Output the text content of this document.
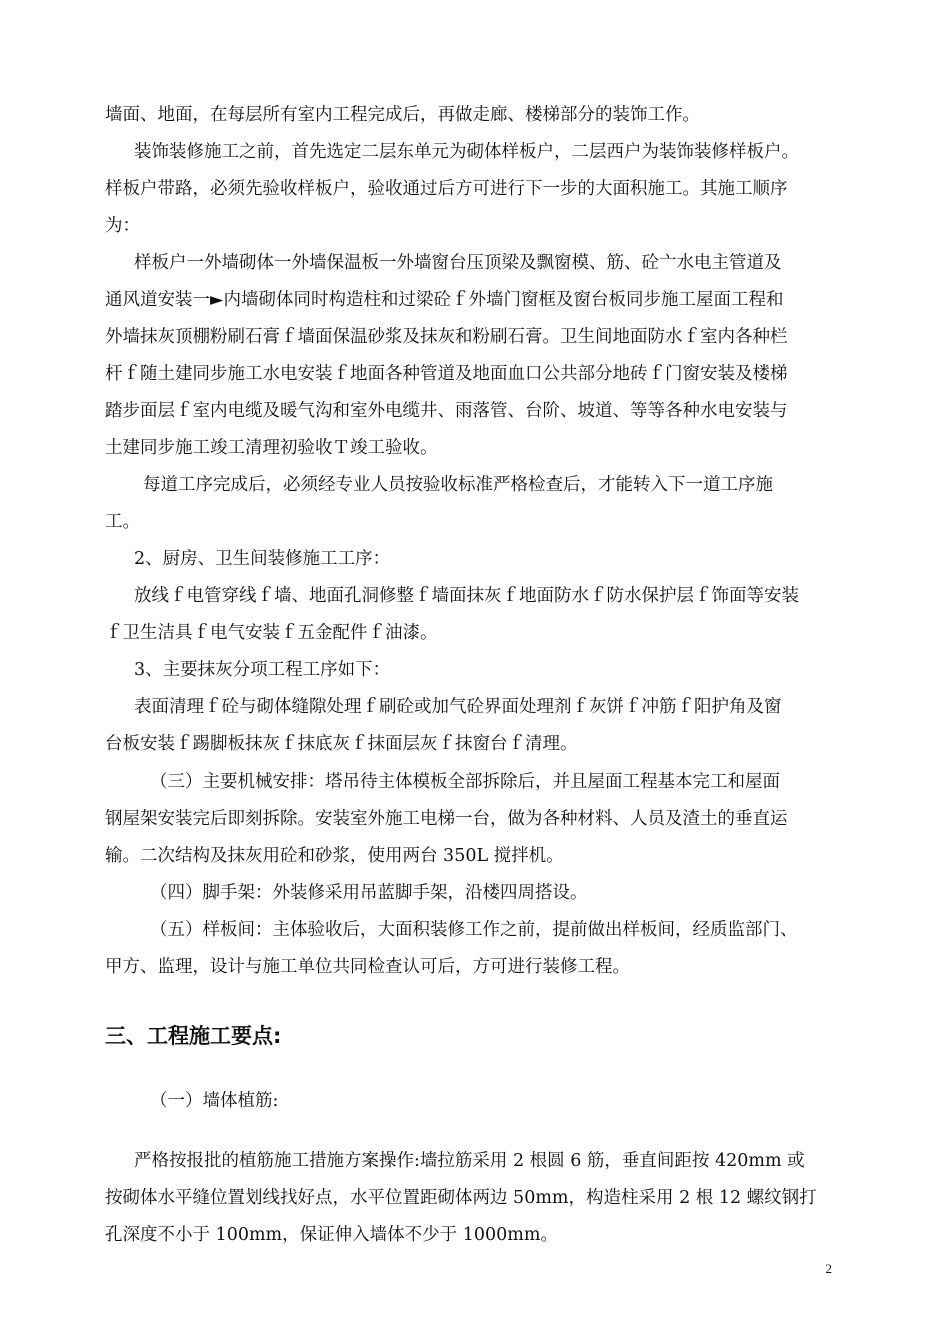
墙面、地面，在每层所有室内工程完成后，再做走廊、楼梯部分的装饰工作。

装饰装修施工之前，首先选定二层东单元为砌体样板户，二层西户为装饰装修样板户。

样板户带路，必须先验收样板户，验收通过后方可进行下一步的大面积施工。其施工顺序

为：

样板户一外墙砌体一外墙保温板一外墙窗台压顶梁及飘窗模、筋、砼亠水电主管道及

通风道安装一►内墙砌体同时构造柱和过梁砼ｆ外墙门窗框及窗台板同步施工屋面工程和

外墙抹灰顶棚粉刷石膏ｆ墙面保温砂浆及抹灰和粉刷石膏。卫生间地面防水ｆ室内各种栏

杆ｆ随土建同步施工水电安装ｆ地面各种管道及地面血口公共部分地砖ｆ门窗安装及楼梯

踏步面层ｆ室内电缆及暖气沟和室外电缆井、雨落管、台阶、坡道、等等各种水电安装与

土建同步施工竣工清理初验收Ｔ竣工验收。

每道工序完成后，必须经专业人员按验收标准严格检查后，才能转入下一道工序施

工。

2、厨房、卫生间装修施工工序：

放线ｆ电管穿线ｆ墙、地面孔洞修整ｆ墙面抹灰ｆ地面防水ｆ防水保护层ｆ饰面等安装

ｆ卫生洁具ｆ电气安装ｆ五金配件ｆ油漆。

3、主要抹灰分项工程工序如下：

表面清理ｆ砼与砌体缝隙处理ｆ刷砼或加气砼界面处理剂ｆ灰饼ｆ冲筋ｆ阳护角及窗

台板安装ｆ踢脚板抹灰ｆ抹底灰ｆ抹面层灰ｆ抹窗台ｆ清理。

（三）主要机械安排：塔吊待主体模板全部拆除后，并且屋面工程基本完工和屋面

钢屋架安装完后即刻拆除。安装室外施工电梯一台，做为各种材料、人员及渣土的垂直运

输。二次结构及抹灰用砼和砂浆，使用两台 350L 搅拌机。

（四）脚手架：外装修采用吊蓝脚手架，沿楼四周搭设。

（五）样板间：主体验收后，大面积装修工作之前，提前做出样板间，经质监部门、

甲方、监理，设计与施工单位共同检查认可后，方可进行装修工程。

三、工程施工要点:

（一）墙体植筋:

严格按报批的植筋施工措施方案操作:墙拉筋采用 2 根圆 6 筋，垂直间距按 420mm 或

按砌体水平缝位置划线找好点，水平位置距砌体两边 50mm，构造柱采用 2 根 12 螺纹钢打

孔深度不小于 100mm，保证伸入墙体不少于 1000mm。

2
